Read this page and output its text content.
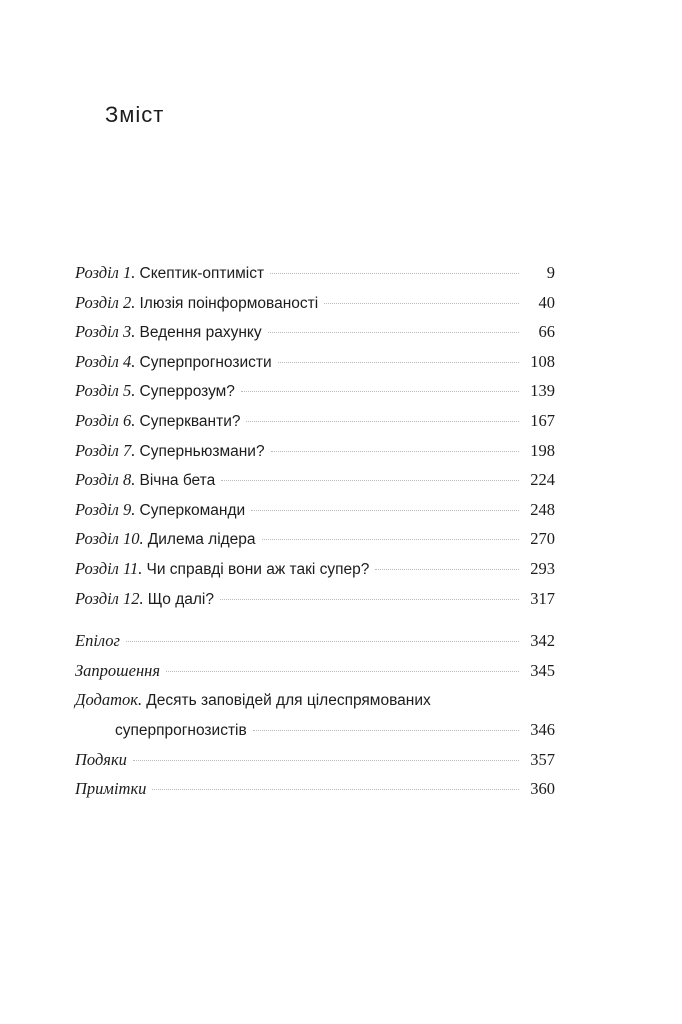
Зміст
Розділ 1. Скептик-оптиміст	9
Розділ 2. Ілюзія поінформованості	40
Розділ 3. Ведення рахунку	66
Розділ 4. Суперпрогнозисти	108
Розділ 5. Суперрозум?	139
Розділ 6. Суперкванти?	167
Розділ 7. Суперньюзмани?	198
Розділ 8. Вічна бета	224
Розділ 9. Суперкоманди	248
Розділ 10. Дилема лідера	270
Розділ 11. Чи справді вони аж такі супер?	293
Розділ 12. Що далі?	317
Епілог	342
Запрошення	345
Додаток. Десять заповідей для цілеспрямованих
суперпрогнозистів	346
Подяки	357
Примітки	360
